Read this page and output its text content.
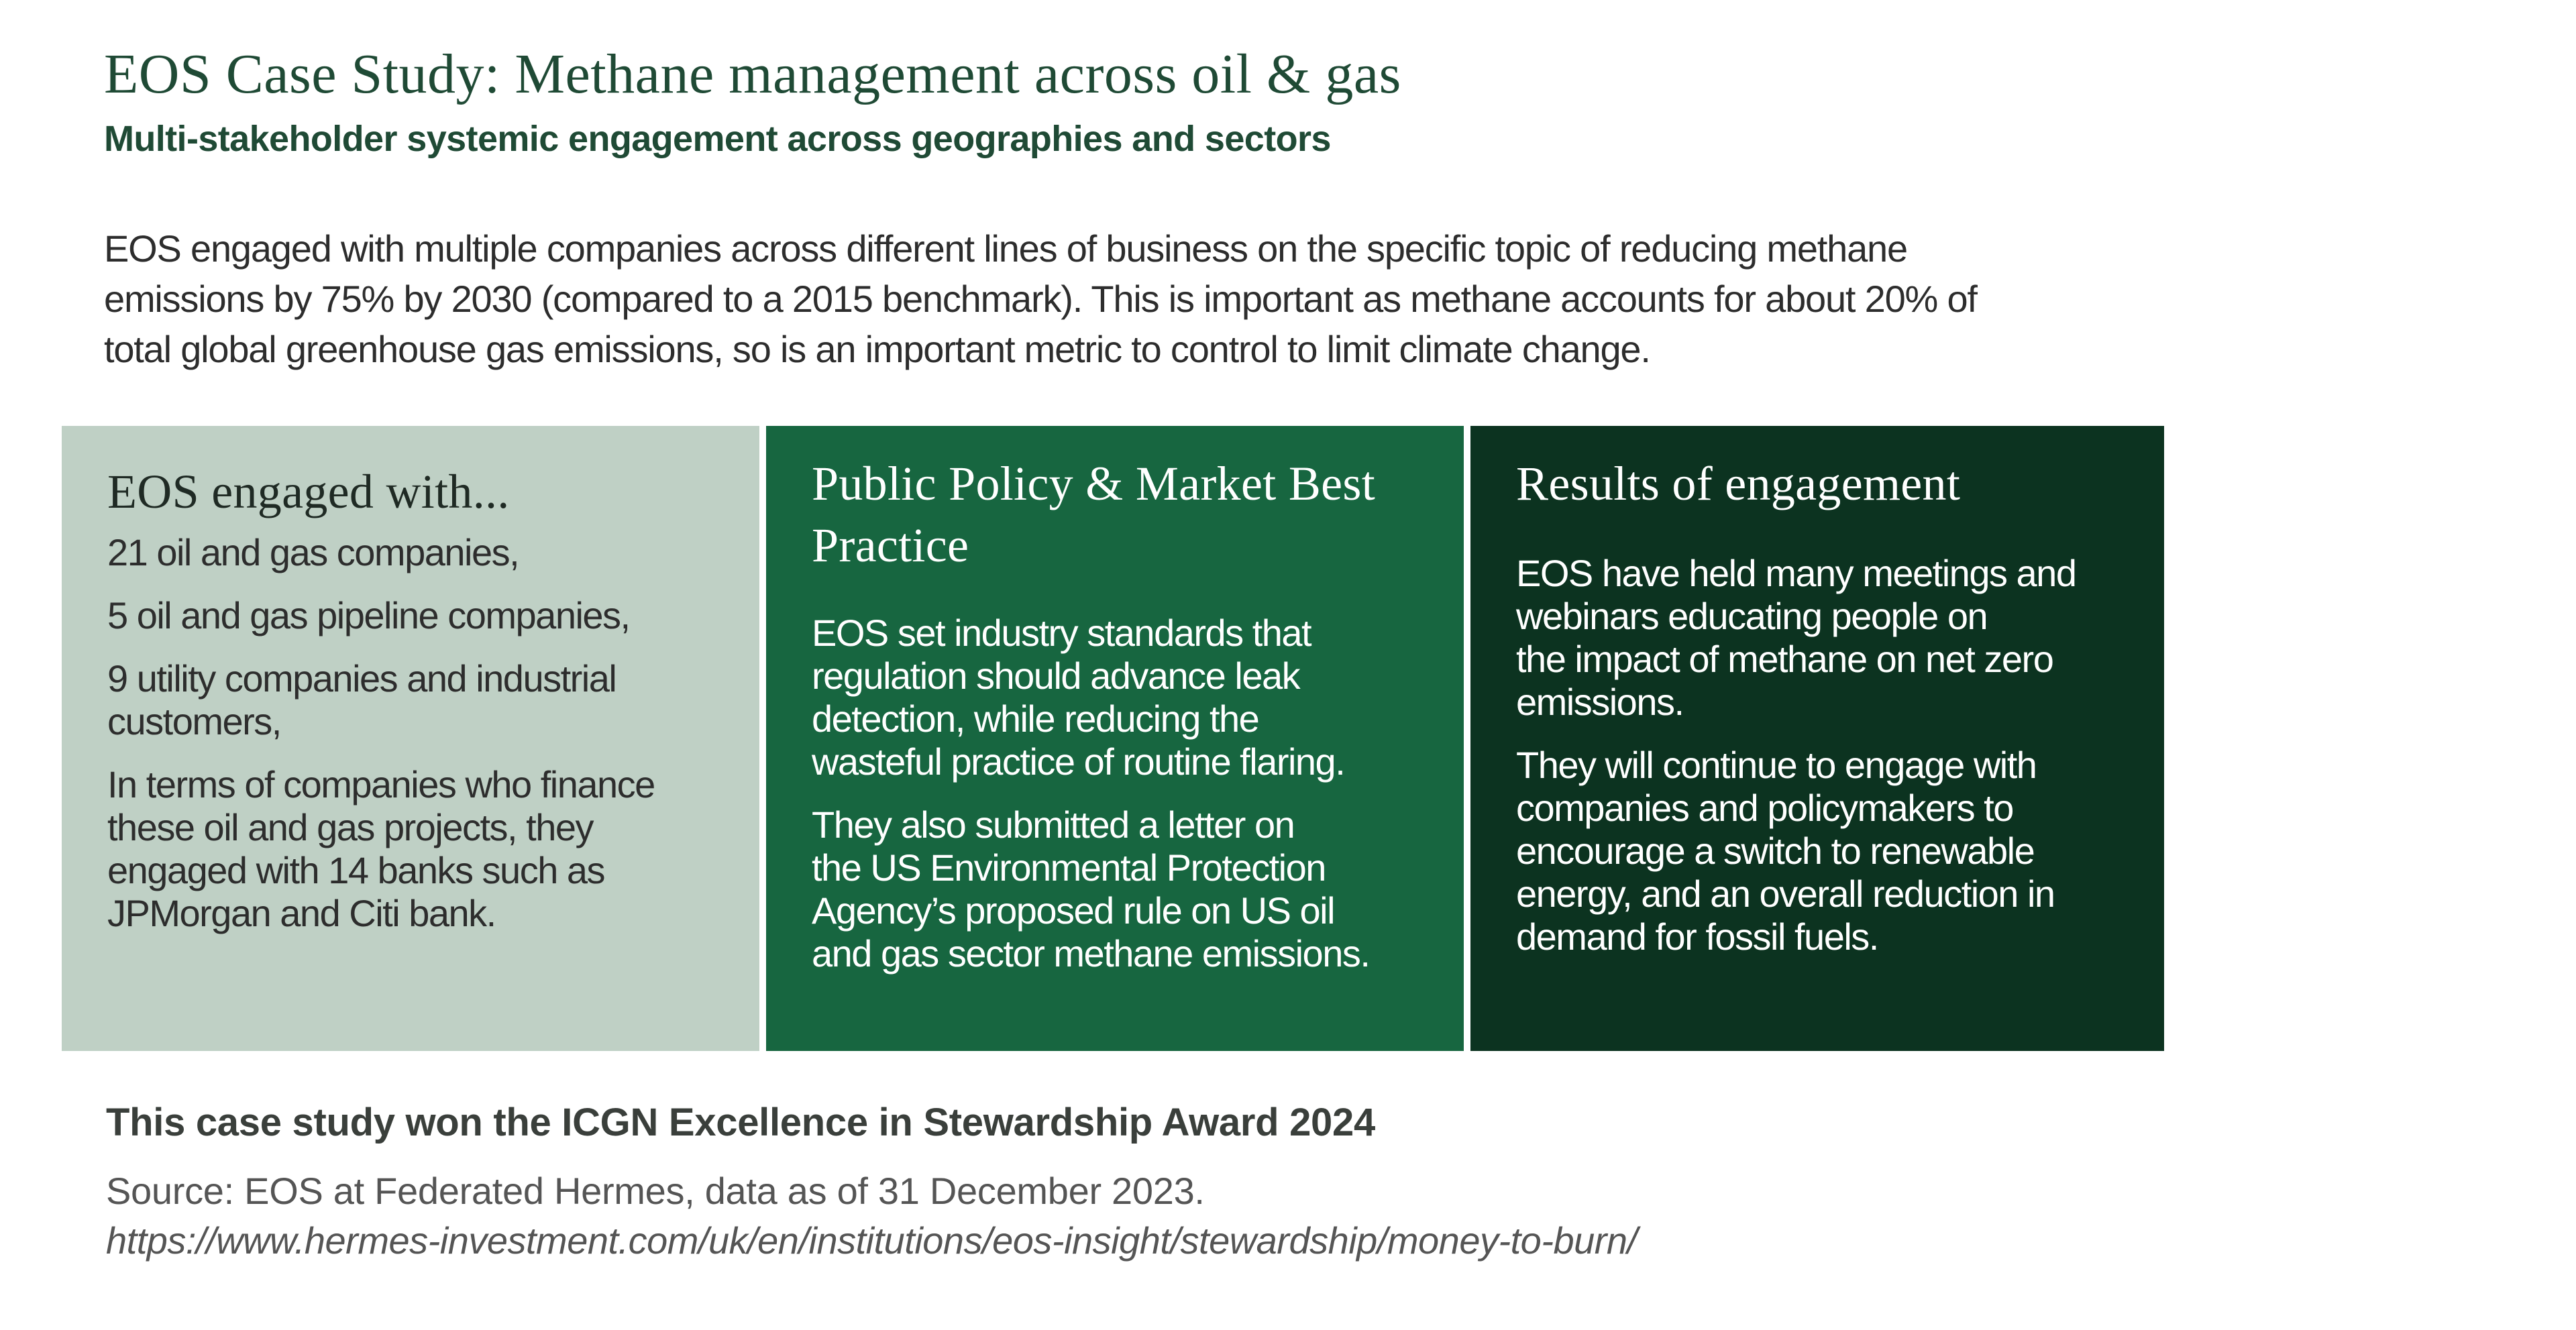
EOS Case Study: Methane management across oil & gas
Multi-stakeholder systemic engagement across geographies and sectors
EOS engaged with multiple companies across different lines of business on the specific topic of reducing methane
emissions by 75% by 2030 (compared to a 2015 benchmark). This is important as methane accounts for about 20% of
total global greenhouse gas emissions, so is an important metric to control to limit climate change.
EOS engaged with...
21 oil and gas companies,
5 oil and gas pipeline companies,
9 utility companies and industrial
customers,
In terms of companies who finance
these oil and gas projects, they
engaged with 14 banks such as
JPMorgan and Citi bank.
Public Policy & Market Best
Practice
EOS set industry standards that
regulation should advance leak
detection, while reducing the
wasteful practice of routine flaring.
They also submitted a letter on
the US Environmental Protection
Agency’s proposed rule on US oil
and gas sector methane emissions.
Results of engagement
EOS have held many meetings and
webinars educating people on
the impact of methane on net zero
emissions.
They will continue to engage with
companies and policymakers to
encourage a switch to renewable
energy, and an overall reduction in
demand for fossil fuels.
This case study won the ICGN Excellence in Stewardship Award 2024
Source: EOS at Federated Hermes, data as of 31 December 2023.
https://www.hermes-investment.com/uk/en/institutions/eos-insight/stewardship/money-to-burn/
